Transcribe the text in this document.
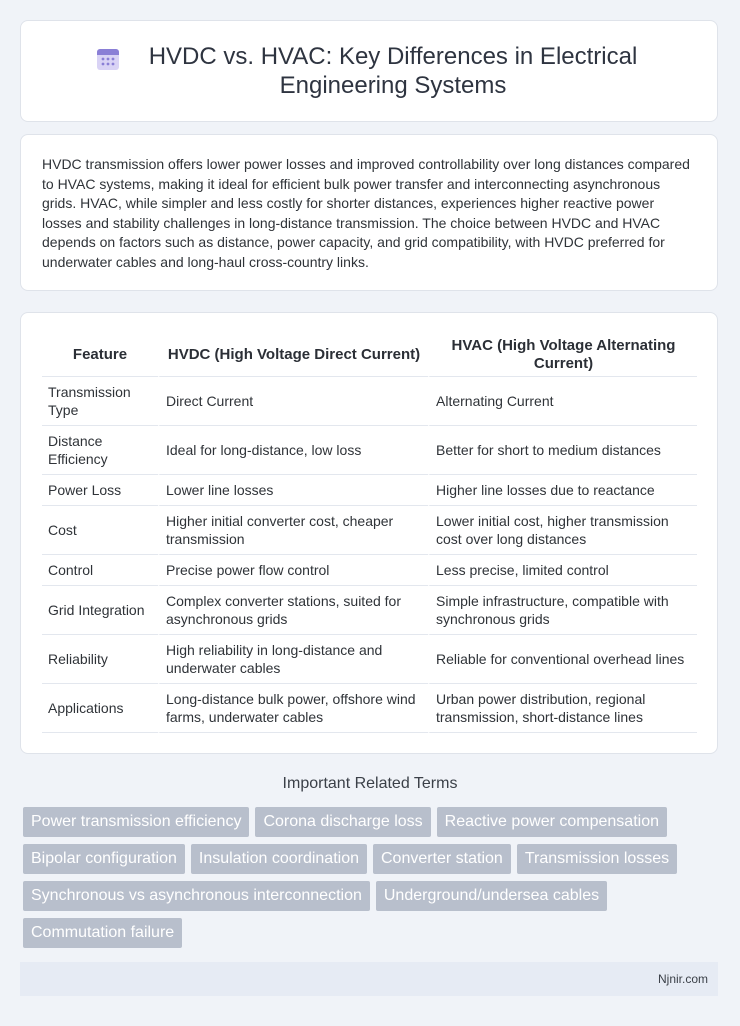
HVDC vs. HVAC: Key Differences in Electrical Engineering Systems

HVDC transmission offers lower power losses and improved controllability over long distances compared to HVAC systems, making it ideal for efficient bulk power transfer and interconnecting asynchronous grids. HVAC, while simpler and less costly for shorter distances, experiences higher reactive power losses and stability challenges in long-distance transmission. The choice between HVDC and HVAC depends on factors such as distance, power capacity, and grid compatibility, with HVDC preferred for underwater cables and long-haul cross-country links.

Feature	HVDC (High Voltage Direct Current)	HVAC (High Voltage Alternating Current)
Transmission Type	Direct Current	Alternating Current
Distance Efficiency	Ideal for long-distance, low loss	Better for short to medium distances
Power Loss	Lower line losses	Higher line losses due to reactance
Cost	Higher initial converter cost, cheaper transmission	Lower initial cost, higher transmission cost over long distances
Control	Precise power flow control	Less precise, limited control
Grid Integration	Complex converter stations, suited for asynchronous grids	Simple infrastructure, compatible with synchronous grids
Reliability	High reliability in long-distance and underwater cables	Reliable for conventional overhead lines
Applications	Long-distance bulk power, offshore wind farms, underwater cables	Urban power distribution, regional transmission, short-distance lines
Important Related Terms
Power transmission efficiency	Corona discharge loss	Reactive power compensation
Bipolar configuration	Insulation coordination	Converter station	Transmission losses
Synchronous vs asynchronous interconnection	Underground/undersea cables
Commutation failure
Njnir.com
